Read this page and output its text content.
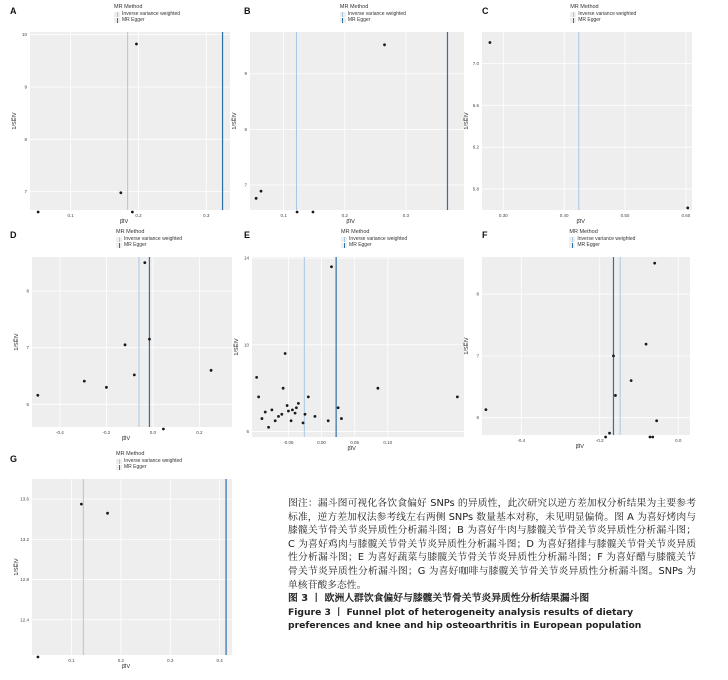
A	MR Method
Inverse variance weighted
MR Egger
0.1	0.2	0.3
7
8
9
10
β̂IV
1/SE̅IV
B	MR Method
Inverse variance weighted
MR Egger
0.1	0.2	0.3
7
8
9
β̂IV
1/SE̅IV
C	MR Method
Inverse variance weighted
MR Egger
0.30	0.40	0.50	0.60
5.8
6.2
6.6
7.0
β̂IV
1/SE̅IV
D	MR Method
Inverse variance weighted
MR Egger
-0.4	-0.2	0.0	0.2
6
7
8
β̂IV
1/SE̅IV
E	MR Method
Inverse variance weighted
MR Egger
-0.05	0.00	0.05	0.10
6
10
14
β̂IV
1/SE̅IV
F	MR Method
Inverse variance weighted
MR Egger
-0.4	-0.2	0.0
6
7
8
β̂IV
1/SE̅IV
G	MR Method
Inverse variance weighted
MR Egger
0.1	0.2	0.3	0.4
12.4
12.8
13.2
13.6
β̂IV
1/SE̅IV

图注：漏斗图可视化各饮食偏好 SNPs 的异质性，此次研究以逆方差加权分析结果为主要参考标准，逆方差加权法参考线左右两侧 SNPs 数量基本对称，未见明显偏倚。图 A 为喜好烤肉与膝髋关节骨关节炎异质性分析漏斗图；B 为喜好牛肉与膝髋关节骨关节炎异质性分析漏斗图；C 为喜好鸡肉与膝髋关节骨关节炎异质性分析漏斗图；D 为喜好猪排与膝髋关节骨关节炎异质性分析漏斗图；E 为喜好蔬菜与膝髋关节骨关节炎异质性分析漏斗图；F 为喜好醋与膝髋关节骨关节炎异质性分析漏斗图；G 为喜好咖啡与膝髋关节骨关节炎异质性分析漏斗图。SNPs 为单核苷酸多态性。

图 3 丨 欧洲人群饮食偏好与膝髋关节骨关节炎异质性分析结果漏斗图

Figure 3 丨 Funnel plot of heterogeneity analysis results of dietary preferences and knee and hip osteoarthritis in European population
